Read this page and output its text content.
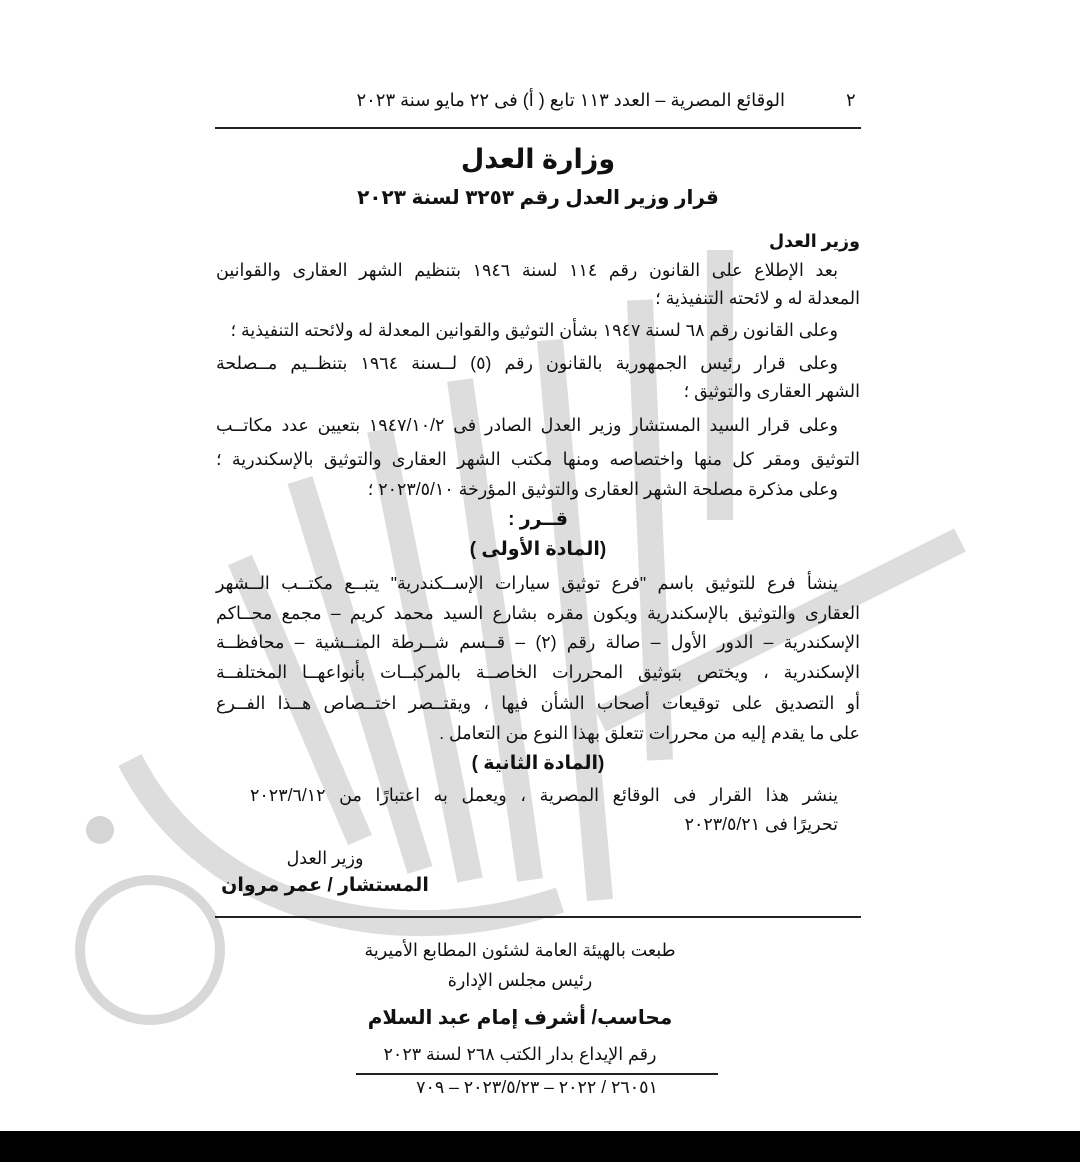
٢
الوقائع المصرية – العدد ١١٣ تابع ( أ) فى ٢٢ مايو سنة ٢٠٢٣
وزارة العدل
قرار وزير العدل رقم ٣٢٥٣ لسنة ٢٠٢٣
وزير العدل
بعد الإطلاع على القانون رقم ١١٤ لسنة ١٩٤٦ بتنظيم الشهر العقارى والقوانين
المعدلة له و لائحته التنفيذية ؛
وعلى القانون رقم ٦٨ لسنة ١٩٤٧ بشأن التوثيق والقوانين المعدلة له ولائحته التنفيذية ؛
وعلى قرار رئيس الجمهورية بالقانون رقم (٥) لــسنة ١٩٦٤ بتنظــيم مــصلحة
الشهر العقارى والتوثيق ؛
وعلى قرار السيد المستشار وزير العدل الصادر فى ١٩٤٧/١٠/٢ بتعيين عدد مكاتــب
التوثيق ومقر كل منها واختصاصه ومنها مكتب الشهر العقارى والتوثيق بالإسكندرية ؛
وعلى مذكرة مصلحة الشهر العقارى والتوثيق المؤرخة ٢٠٢٣/٥/١٠ ؛
قــرر :
(المادة الأولى )
ينشأ فرع للتوثيق باسم "فرع توثيق سيارات الإســكندرية" يتبــع مكتــب الــشهر
العقارى والتوثيق بالإسكندرية ويكون مقره بشارع السيد محمد كريم – مجمع محــاكم
الإسكندرية – الدور الأول – صالة رقم (٢) – قــسم شــرطة المنــشية – محافظــة
الإسكندرية ، ويختص بتوثيق المحررات الخاصــة بالمركبــات بأنواعهــا المختلفــة
أو التصديق على توقيعات أصحاب الشأن فيها ، ويقتــصر اختــصاص هــذا الفــرع
على ما يقدم إليه من محررات تتعلق بهذا النوع من التعامل .
(المادة الثانية )
ينشر هذا القرار فى الوقائع المصرية ، ويعمل به اعتبارًا من ٢٠٢٣/٦/١٢
تحريرًا فى ٢٠٢٣/٥/٢١
وزير العدل
المستشار / عمر مروان
طبعت بالهيئة العامة لشئون المطابع الأميرية
رئيس مجلس الإدارة
محاسب/ أشرف إمام عبد السلام
رقم الإيداع بدار الكتب ٢٦٨ لسنة ٢٠٢٣
٢٦٠٥١ / ٢٠٢٢ – ٢٠٢٣/٥/٢٣ – ٧٠٩
